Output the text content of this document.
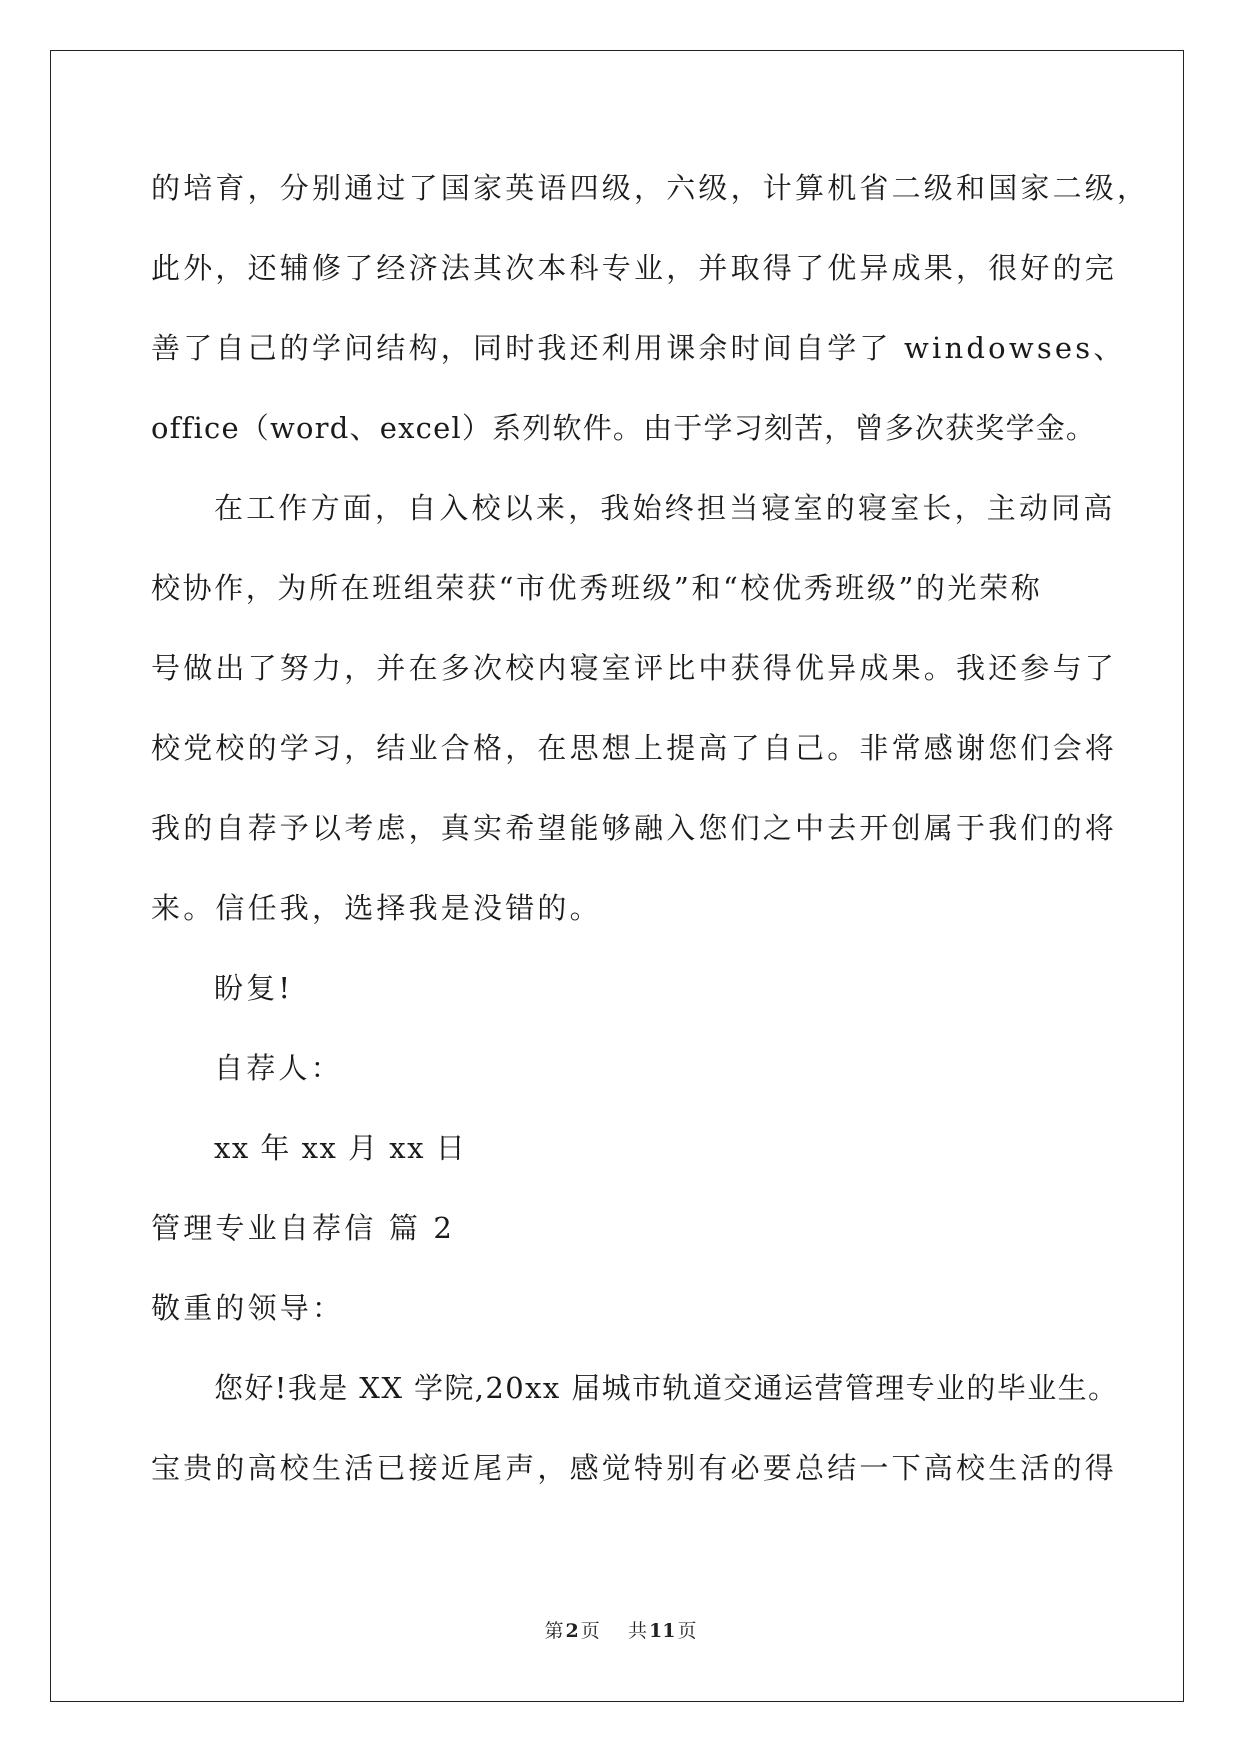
的培育，分别通过了国家英语四级，六级，计算机省二级和国家二级，
此外，还辅修了经济法其次本科专业，并取得了优异成果，很好的完
善了自己的学问结构，同时我还利用课余时间自学了 windowses、
office（word、excel）系列软件。由于学习刻苦，曾多次获奖学金。
在工作方面，自入校以来，我始终担当寝室的寝室长，主动同高
校协作，为所在班组荣获“市优秀班级”和“校优秀班级”的光荣称
号做出了努力，并在多次校内寝室评比中获得优异成果。我还参与了
校党校的学习，结业合格，在思想上提高了自己。非常感谢您们会将
我的自荐予以考虑，真实希望能够融入您们之中去开创属于我们的将
来。信任我，选择我是没错的。
盼复!
自荐人：
xx 年 xx 月 xx 日
管理专业自荐信 篇 2
敬重的领导：
您好!我是 XX 学院,20xx 届城市轨道交通运营管理专业的毕业生。
宝贵的高校生活已接近尾声，感觉特别有必要总结一下高校生活的得
第 2 页 共 11 页
